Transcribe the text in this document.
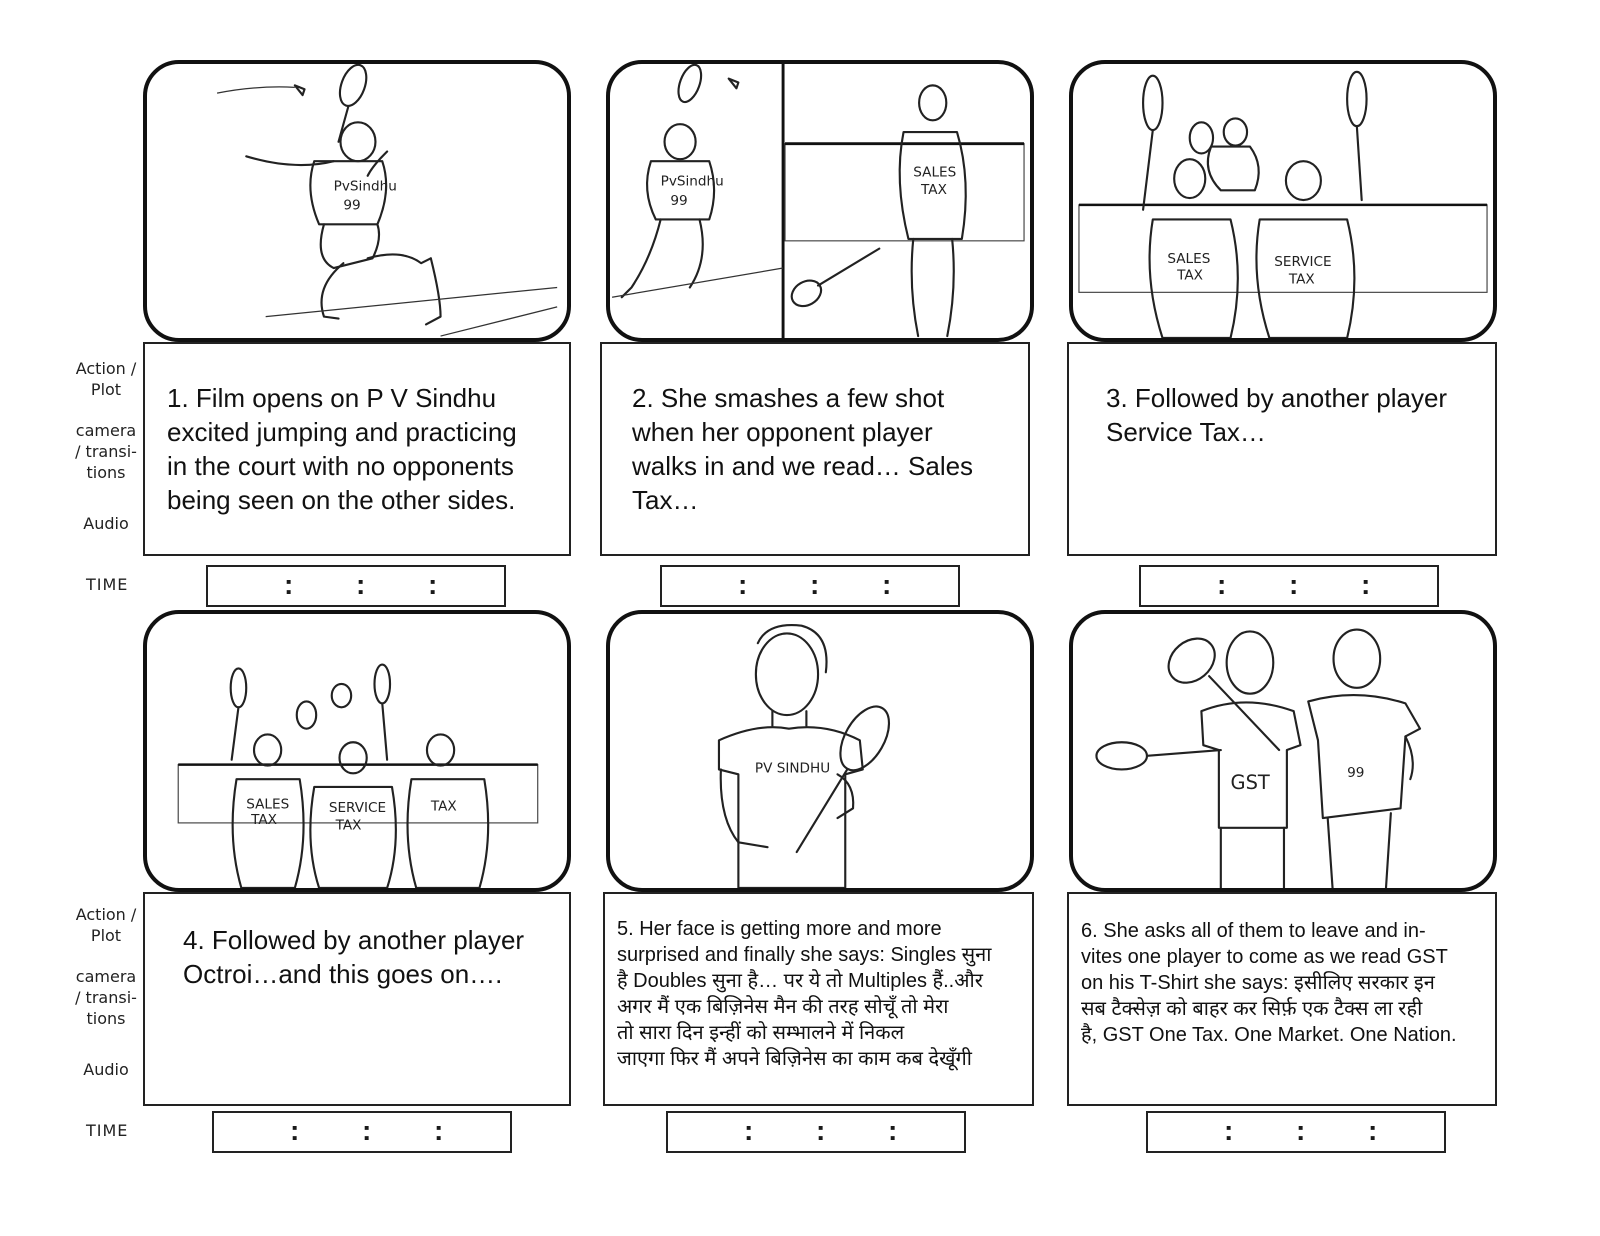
Action /
Plot
camera
/ transi-
tions
Audio
TIME
Action /
Plot
camera
/ transi-
tions
Audio
TIME
PvSindhu
99
1. Film opens on P V Sindhu
excited jumping and practicing
in the court with no opponents
being seen on the other sides.
: : :
PvSindhu
99
SALES
TAX
2. She smashes a few shot
when her opponent player
walks in and we read… Sales
Tax…
: : :
SALES
TAX
SERVICE
TAX
3. Followed by another player
Service Tax…
: : :
SALES
TAX
SERVICE
TAX
TAX
4. Followed by another player
Octroi…and this goes on….
: : :
PV SINDHU
5. Her face is getting more and more
surprised and finally she says: Singles सुना
है Doubles सुना है… पर ये तो Multiples हैं..और
अगर मैं एक बिज़िनेस मैन की तरह सोचूँ तो मेरा
तो सारा दिन इन्हीं को सम्भालने में निकल
जाएगा फिर मैं अपने बिज़िनेस का काम कब देखूँगी
: : :
GST	99
6. She asks all of them to leave and in-
vites one player to come as we read GST
on his T-Shirt she says: इसीलिए सरकार इन
सब टैक्सेज़ को बाहर कर सिर्फ़ एक टैक्स ला रही
है, GST One Tax. One Market. One Nation.
: : :
